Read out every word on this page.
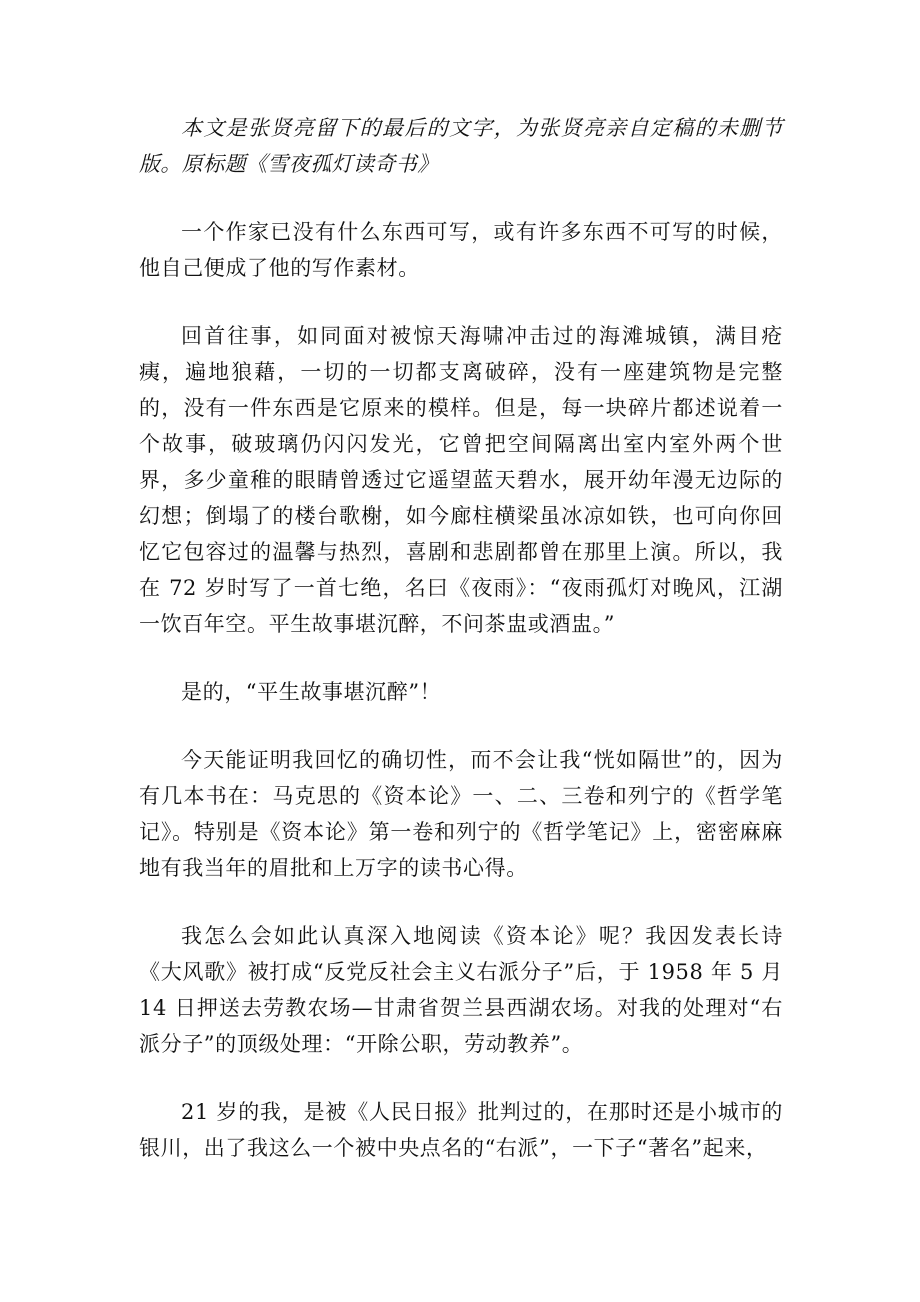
本文是张贤亮留下的最后的文字，为张贤亮亲自定稿的未删节版。原标题《雪夜孤灯读奇书》

一个作家已没有什么东西可写，或有许多东西不可写的时候，他自己便成了他的写作素材。

回首往事，如同面对被惊天海啸冲击过的海滩城镇，满目疮痍，遍地狼藉，一切的一切都支离破碎，没有一座建筑物是完整的，没有一件东西是它原来的模样。但是，每一块碎片都述说着一个故事，破玻璃仍闪闪发光，它曾把空间隔离出室内室外两个世界，多少童稚的眼睛曾透过它遥望蓝天碧水，展开幼年漫无边际的幻想；倒塌了的楼台歌榭，如今廊柱横梁虽冰凉如铁，也可向你回忆它包容过的温馨与热烈，喜剧和悲剧都曾在那里上演。所以，我在 72 岁时写了一首七绝，名曰《夜雨》：“夜雨孤灯对晚风，江湖一饮百年空。平生故事堪沉醉，不问茶盅或酒盅。”

是的，“平生故事堪沉醉”！

今天能证明我回忆的确切性，而不会让我“恍如隔世”的，因为有几本书在：马克思的《资本论》一、二、三卷和列宁的《哲学笔记》。特别是《资本论》第一卷和列宁的《哲学笔记》上，密密麻麻地有我当年的眉批和上万字的读书心得。

我怎么会如此认真深入地阅读《资本论》呢？我因发表长诗《大风歌》被打成“反党反社会主义右派分子”后，于 1958 年 5 月 14 日押送去劳教农场—甘肃省贺兰县西湖农场。对我的处理对“右派分子”的顶级处理：“开除公职，劳动教养”。

21 岁的我，是被《人民日报》批判过的，在那时还是小城市的银川，出了我这么一个被中央点名的“右派”，一下子“著名”起来，
